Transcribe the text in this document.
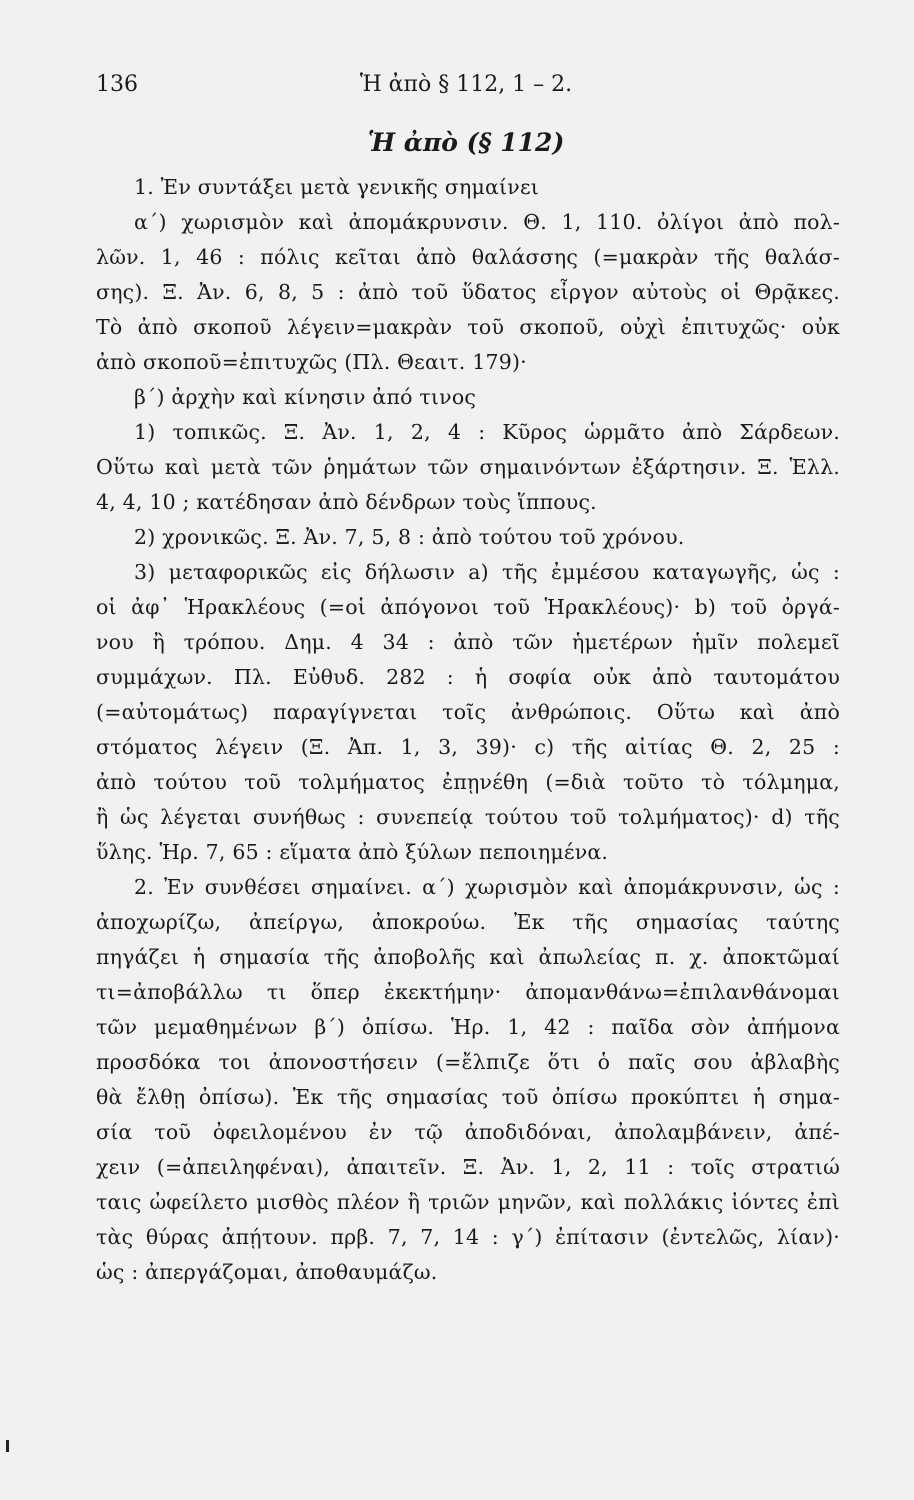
136	Ἡ ἀπὸ § 112, 1 – 2.
Ἡ ἀπὸ (§ 112)
1. Ἐν συντάξει μετὰ γενικῆς σημαίνει
α΄) χωρισμὸν καὶ ἀπομάκρυνσιν. Θ. 1, 110. ὀλίγοι ἀπὸ πολ-
λῶν. 1, 46 : πόλις κεῖται ἀπὸ θαλάσσης (=μακρὰν τῆς θαλάσ-
σης). Ξ. Ἀν. 6, 8, 5 : ἀπὸ τοῦ ὕδατος εἶργον αὐτοὺς οἱ Θρᾷκες.
Τὸ ἀπὸ σκοποῦ λέγειν=μακρὰν τοῦ σκοποῦ, οὐχὶ ἐπιτυχῶς· οὐκ
ἀπὸ σκοποῦ=ἐπιτυχῶς (Πλ. Θεαιτ. 179)·
β΄) ἀρχὴν καὶ κίνησιν ἀπό τινος
1) τοπικῶς. Ξ. Ἀν. 1, 2, 4 : Κῦρος ὡρμᾶτο ἀπὸ Σάρδεων.
Οὕτω καὶ μετὰ τῶν ῥημάτων τῶν σημαινόντων ἐξάρτησιν. Ξ. Ἑλλ.
4, 4, 10 ; κατέδησαν ἀπὸ δένδρων τοὺς ἵππους.
2) χρονικῶς. Ξ. Ἀν. 7, 5, 8 : ἀπὸ τούτου τοῦ χρόνου.
3) μεταφορικῶς εἰς δήλωσιν a) τῆς ἐμμέσου καταγωγῆς, ὡς :
οἱ ἀφ᾽ Ἡρακλέους (=οἱ ἀπόγονοι τοῦ Ἡρακλέους)· b) τοῦ ὀργά-
νου ἢ τρόπου. Δημ. 4 34 : ἀπὸ τῶν ἡμετέρων ἡμῖν πολεμεῖ
συμμάχων. Πλ. Εὐθυδ. 282 : ἡ σοφία οὐκ ἀπὸ ταυτομάτου
(=αὐτομάτως) παραγίγνεται τοῖς ἀνθρώποις. Οὕτω καὶ ἀπὸ
στόματος λέγειν (Ξ. Ἀπ. 1, 3, 39)· c) τῆς αἰτίας Θ. 2, 25 :
ἀπὸ τούτου τοῦ τολμήματος ἐπῃνέθη (=διὰ τοῦτο τὸ τόλμημα,
ἢ ὡς λέγεται συνήθως : συνεπείᾳ τούτου τοῦ τολμήματος)· d) τῆς
ὕλης. Ἡρ. 7, 65 : εἵματα ἀπὸ ξύλων πεποιημένα.
2. Ἐν συνθέσει σημαίνει. α΄) χωρισμὸν καὶ ἀπομάκρυνσιν, ὡς :
ἀποχωρίζω, ἀπείργω, ἀποκρούω. Ἐκ τῆς σημασίας ταύτης
πηγάζει ἡ σημασία τῆς ἀποβολῆς καὶ ἀπωλείας π. χ. ἀποκτῶμαί
τι=ἀποβάλλω τι ὅπερ ἐκεκτήμην· ἀπομανθάνω=ἐπιλανθάνομαι
τῶν μεμαθημένων β΄) ὀπίσω. Ἡρ. 1, 42 : παῖδα σὸν ἀπήμονα
προσδόκα τοι ἀπονοστήσειν (=ἔλπιζε ὅτι ὁ παῖς σου ἀβλαβὴς
θὰ ἔλθῃ ὀπίσω). Ἐκ τῆς σημασίας τοῦ ὀπίσω προκύπτει ἡ σημα-
σία τοῦ ὀφειλομένου ἐν τῷ ἀποδιδόναι, ἀπολαμβάνειν, ἀπέ-
χειν (=ἀπειληφέναι), ἀπαιτεῖν. Ξ. Ἀν. 1, 2, 11 : τοῖς στρατιώ
ταις ὠφείλετο μισθὸς πλέον ἢ τριῶν μηνῶν, καὶ πολλάκις ἰόντες ἐπὶ
τὰς θύρας ἀπῄτουν. πρβ. 7, 7, 14 : γ΄) ἐπίτασιν (ἐντελῶς, λίαν)·
ὡς : ἀπεργάζομαι, ἀποθαυμάζω.
